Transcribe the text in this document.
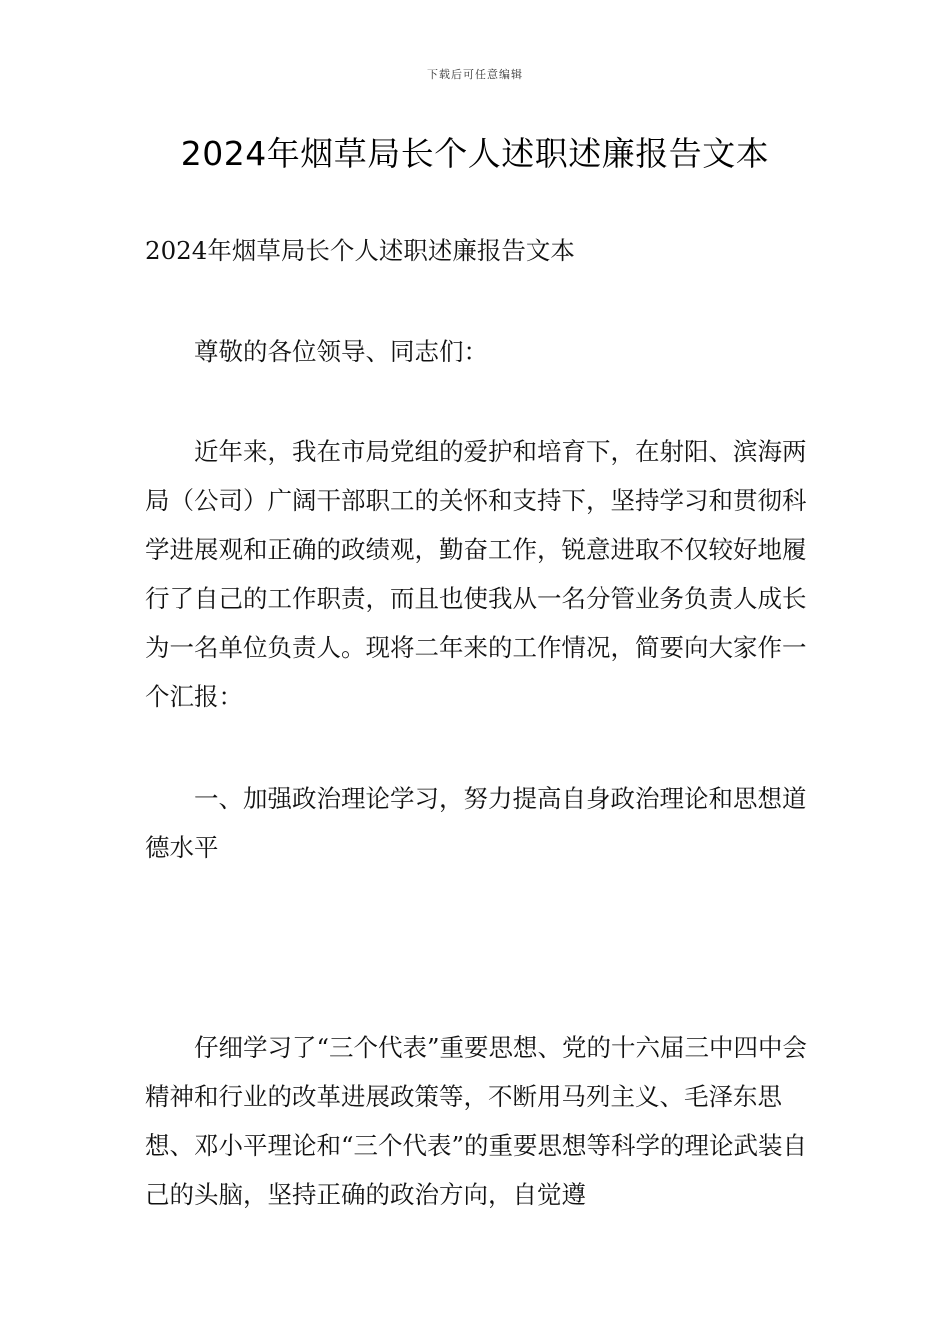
下载后可任意编辑
2024年烟草局长个人述职述廉报告文本

2024年烟草局长个人述职述廉报告文本

尊敬的各位领导、同志们：

近年来，我在市局党组的爱护和培育下，在射阳、滨海两局（公司）广阔干部职工的关怀和支持下，坚持学习和贯彻科学进展观和正确的政绩观，勤奋工作，锐意进取不仅较好地履行了自己的工作职责，而且也使我从一名分管业务负责人成长为一名单位负责人。现将二年来的工作情况，简要向大家作一个汇报：

一、加强政治理论学习，努力提高自身政治理论和思想道德水平

仔细学习了“三个代表”重要思想、党的十六届三中四中会精神和行业的改革进展政策等，不断用马列主义、毛泽东思想、邓小平理论和“三个代表”的重要思想等科学的理论武装自己的头脑，坚持正确的政治方向，自觉遵
